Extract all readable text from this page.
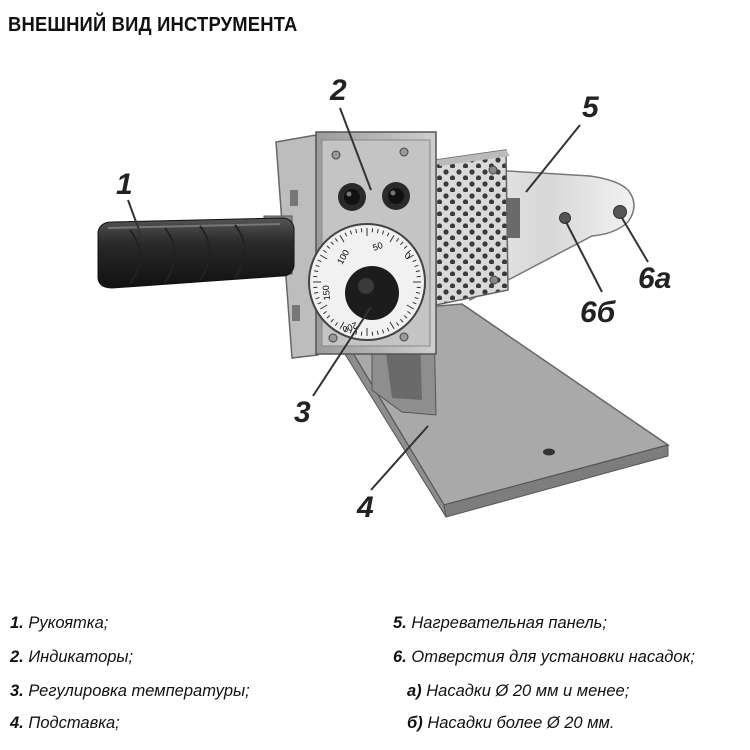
ВНЕШНИЙ ВИД ИНСТРУМЕНТА
50
100
150
200
0
1
2
3
4
5
6а
6б
1. Рукоятка;
2. Индикаторы;
3. Регулировка температуры;
4. Подставка;
5. Нагревательная панель;
6. Отверстия для установки насадок;
а) Насадки Ø 20 мм и менее;
б) Насадки более Ø 20 мм.
